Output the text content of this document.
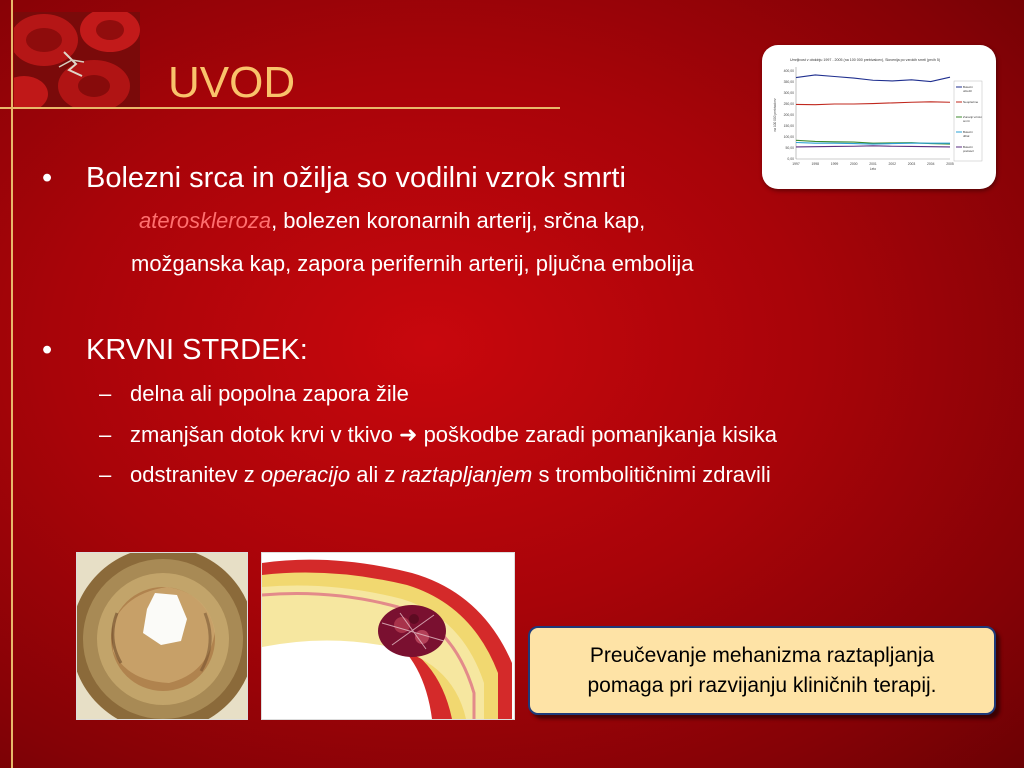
UVOD	Umrljivost v obdobju 1997 - 2005 (na 100 000 prebivalcev), Slovenija po vzrokih smrti (prvih 5)
0,00
50,00
100,00
150,00
200,00
250,00
300,00
350,00
400,00
1997	1998	1999	2000	2001	2002	2003	2004	2005
Leto
na 100 000 prebivalcev
Bolezni
obtočil
Neoplazme
Zunanji vzroki
smrti
Bolezni
dihal
Bolezni
prebavil
• Bolezni srca in ožilja so vodilni vzrok smrti
ateroskleroza, bolezen koronarnih arterij, srčna kap,
možganska kap, zapora perifernih arterij, pljučna embolija
• KRVNI STRDEK:
– delna ali popolna zapora žile
– zmanjšan dotok krvi v tkivo ➜ poškodbe zaradi pomanjkanja kisika
– odstranitev z operacijo ali z raztapljanjem s trombolitičnimi zdravili
Preučevanje mehanizma raztapljanja
pomaga pri razvijanju kliničnih terapij.
